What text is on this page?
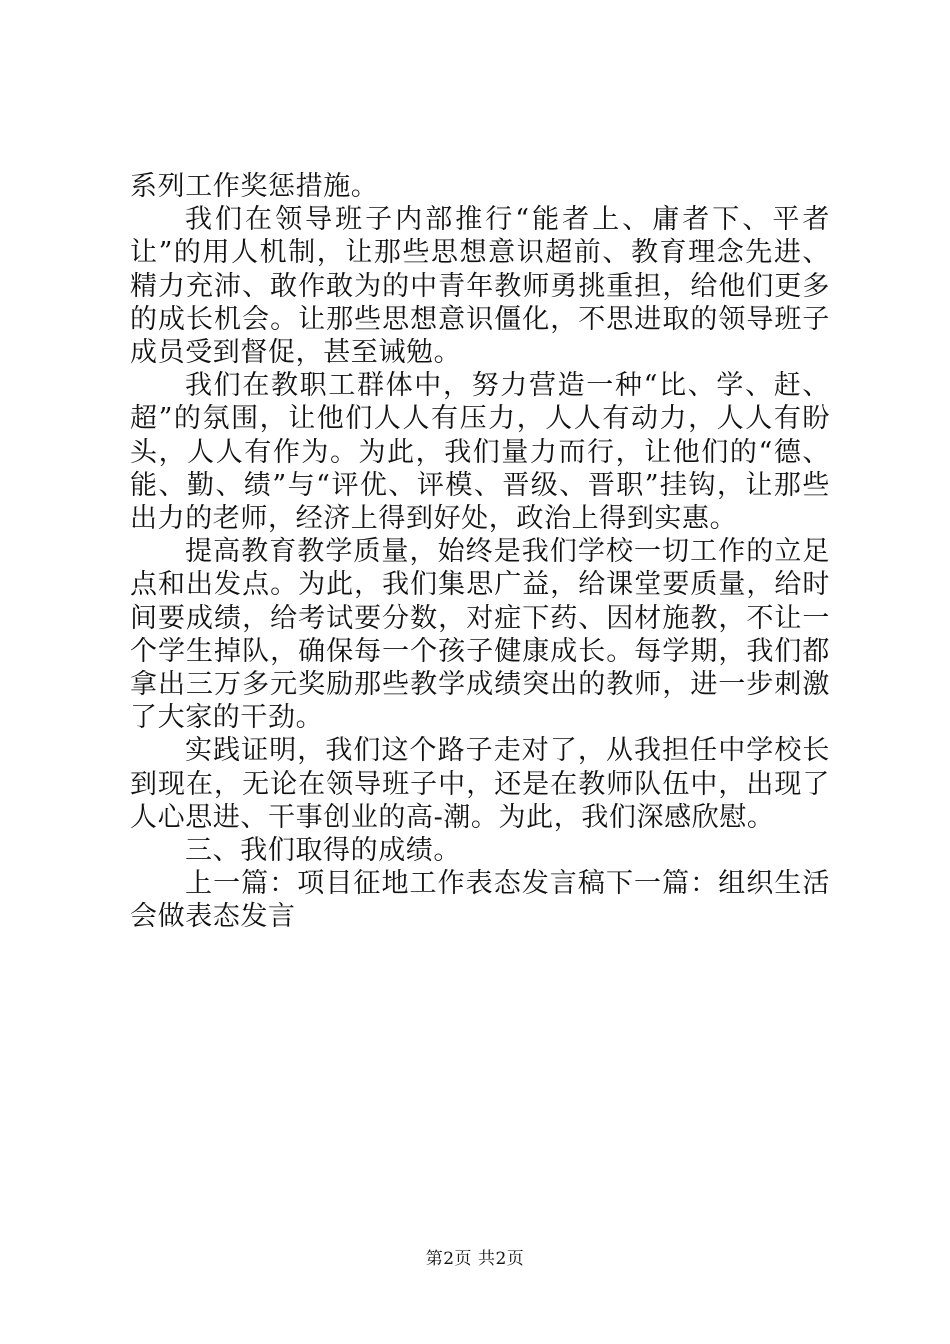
系列工作奖惩措施。

我们在领导班子内部推行“能者上、庸者下、平者让”的用人机制，让那些思想意识超前、教育理念先进、精力充沛、敢作敢为的中青年教师勇挑重担，给他们更多的成长机会。让那些思想意识僵化，不思进取的领导班子成员受到督促，甚至诫勉。

我们在教职工群体中，努力营造一种“比、学、赶、超”的氛围，让他们人人有压力，人人有动力，人人有盼头，人人有作为。为此，我们量力而行，让他们的“德、能、勤、绩”与“评优、评模、晋级、晋职”挂钩，让那些出力的老师，经济上得到好处，政治上得到实惠。

提高教育教学质量，始终是我们学校一切工作的立足点和出发点。为此，我们集思广益，给课堂要质量，给时间要成绩，给考试要分数，对症下药、因材施教，不让一个学生掉队，确保每一个孩子健康成长。每学期，我们都拿出三万多元奖励那些教学成绩突出的教师，进一步刺激了大家的干劲。

实践证明，我们这个路子走对了，从我担任中学校长到现在，无论在领导班子中，还是在教师队伍中，出现了人心思进、干事创业的高-潮。为此，我们深感欣慰。

三、我们取得的成绩。

上一篇：项目征地工作表态发言稿下一篇：组织生活会做表态发言

第2页 共2页
